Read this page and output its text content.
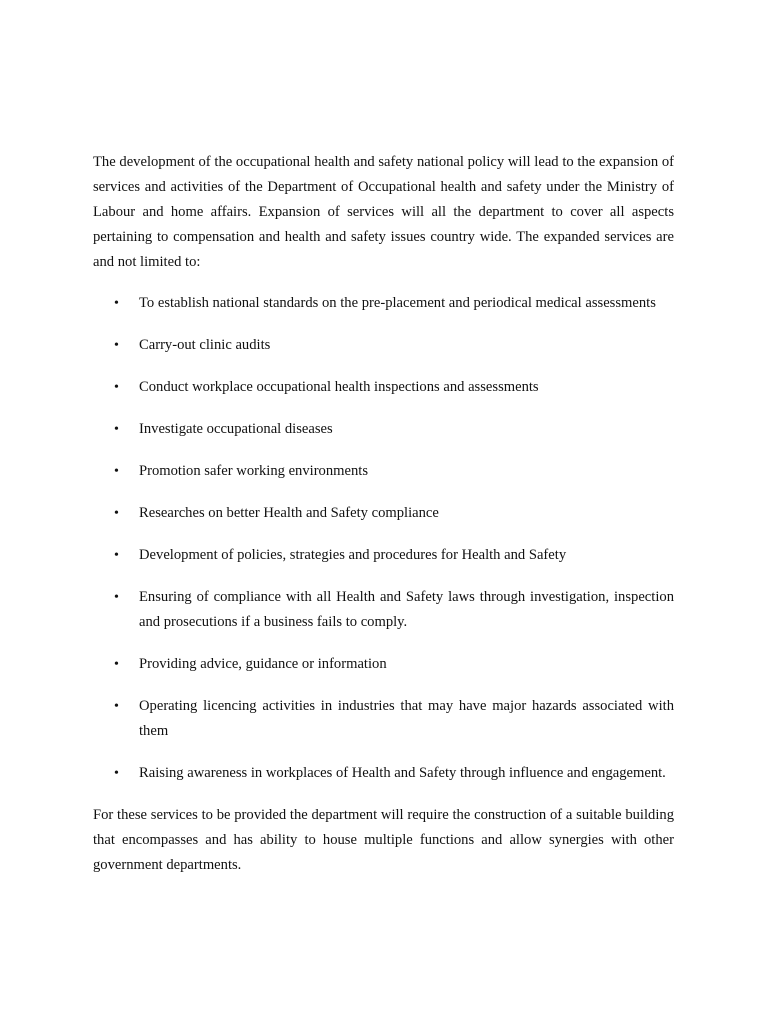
The development of the occupational health and safety national policy will lead to the expansion of services and activities of the Department of Occupational health and safety under the Ministry of Labour and home affairs. Expansion of services will all the department to cover all aspects pertaining to compensation and health and safety issues country wide. The expanded services are and not limited to:

• To establish national standards on the pre-placement and periodical medical assessments
• Carry-out clinic audits
• Conduct workplace occupational health inspections and assessments
• Investigate occupational diseases
• Promotion safer working environments
• Researches on better Health and Safety compliance
• Development of policies, strategies and procedures for Health and Safety
• Ensuring of compliance with all Health and Safety laws through investigation, inspection and prosecutions if a business fails to comply.
• Providing advice, guidance or information
• Operating licencing activities in industries that may have major hazards associated with them
• Raising awareness in workplaces of Health and Safety through influence and engagement.

For these services to be provided the department will require the construction of a suitable building that encompasses and has ability to house multiple functions and allow synergies with other government departments.
